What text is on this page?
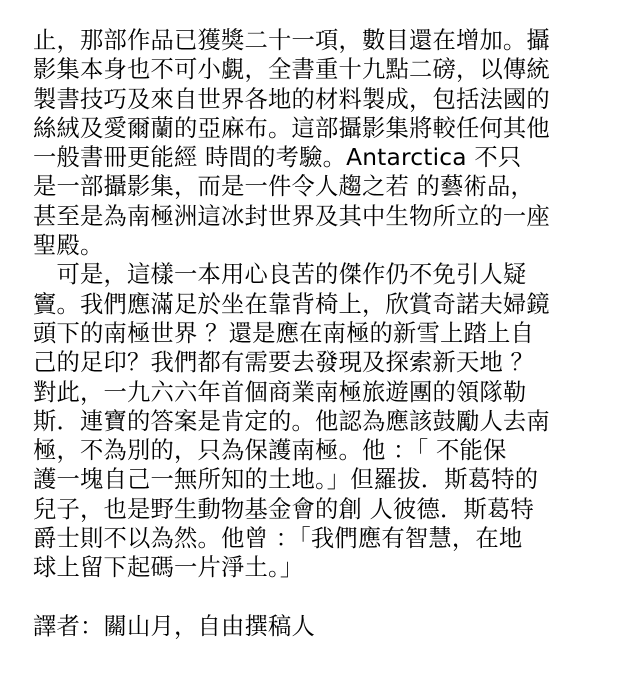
止，那部作品已獲獎二十一項，數目還在增加。攝
影集本身也不可小覷，全書重十九點二磅，以傳統
製書技巧及來自世界各地的材料製成，包括法國的
絲絨及愛爾蘭的亞麻布。這部攝影集將較任何其他
一般書冊更能經 時間的考驗。Antarctica 不只
是一部攝影集，而是一件令人趨之若 的藝術品，
甚至是為南極洲這冰封世界及其中生物所立的一座
聖殿。
　可是，這樣一本用心良苦的傑作仍不免引人疑
竇。我們應滿足於坐在靠背椅上，欣賞奇諾夫婦鏡
頭下的南極世界 ？還是應在南極的新雪上踏上自
己的足印？我們都有需要去發現及探索新天地 ？
對此，一九六六年首個商業南極旅遊團的領隊勒
斯．連寶的答案是肯定的。他認為應該鼓勵人去南
極，不為別的，只為保護南極。他 ：「 不能保
護一塊自己一無所知的土地。」但羅拔．斯葛特的
兒子，也是野生動物基金會的創 人彼德．斯葛特
爵士則不以為然。他曾 ：「我們應有智慧，在地
球上留下起碼一片淨土。」
譯者：關山月，自由撰稿人
